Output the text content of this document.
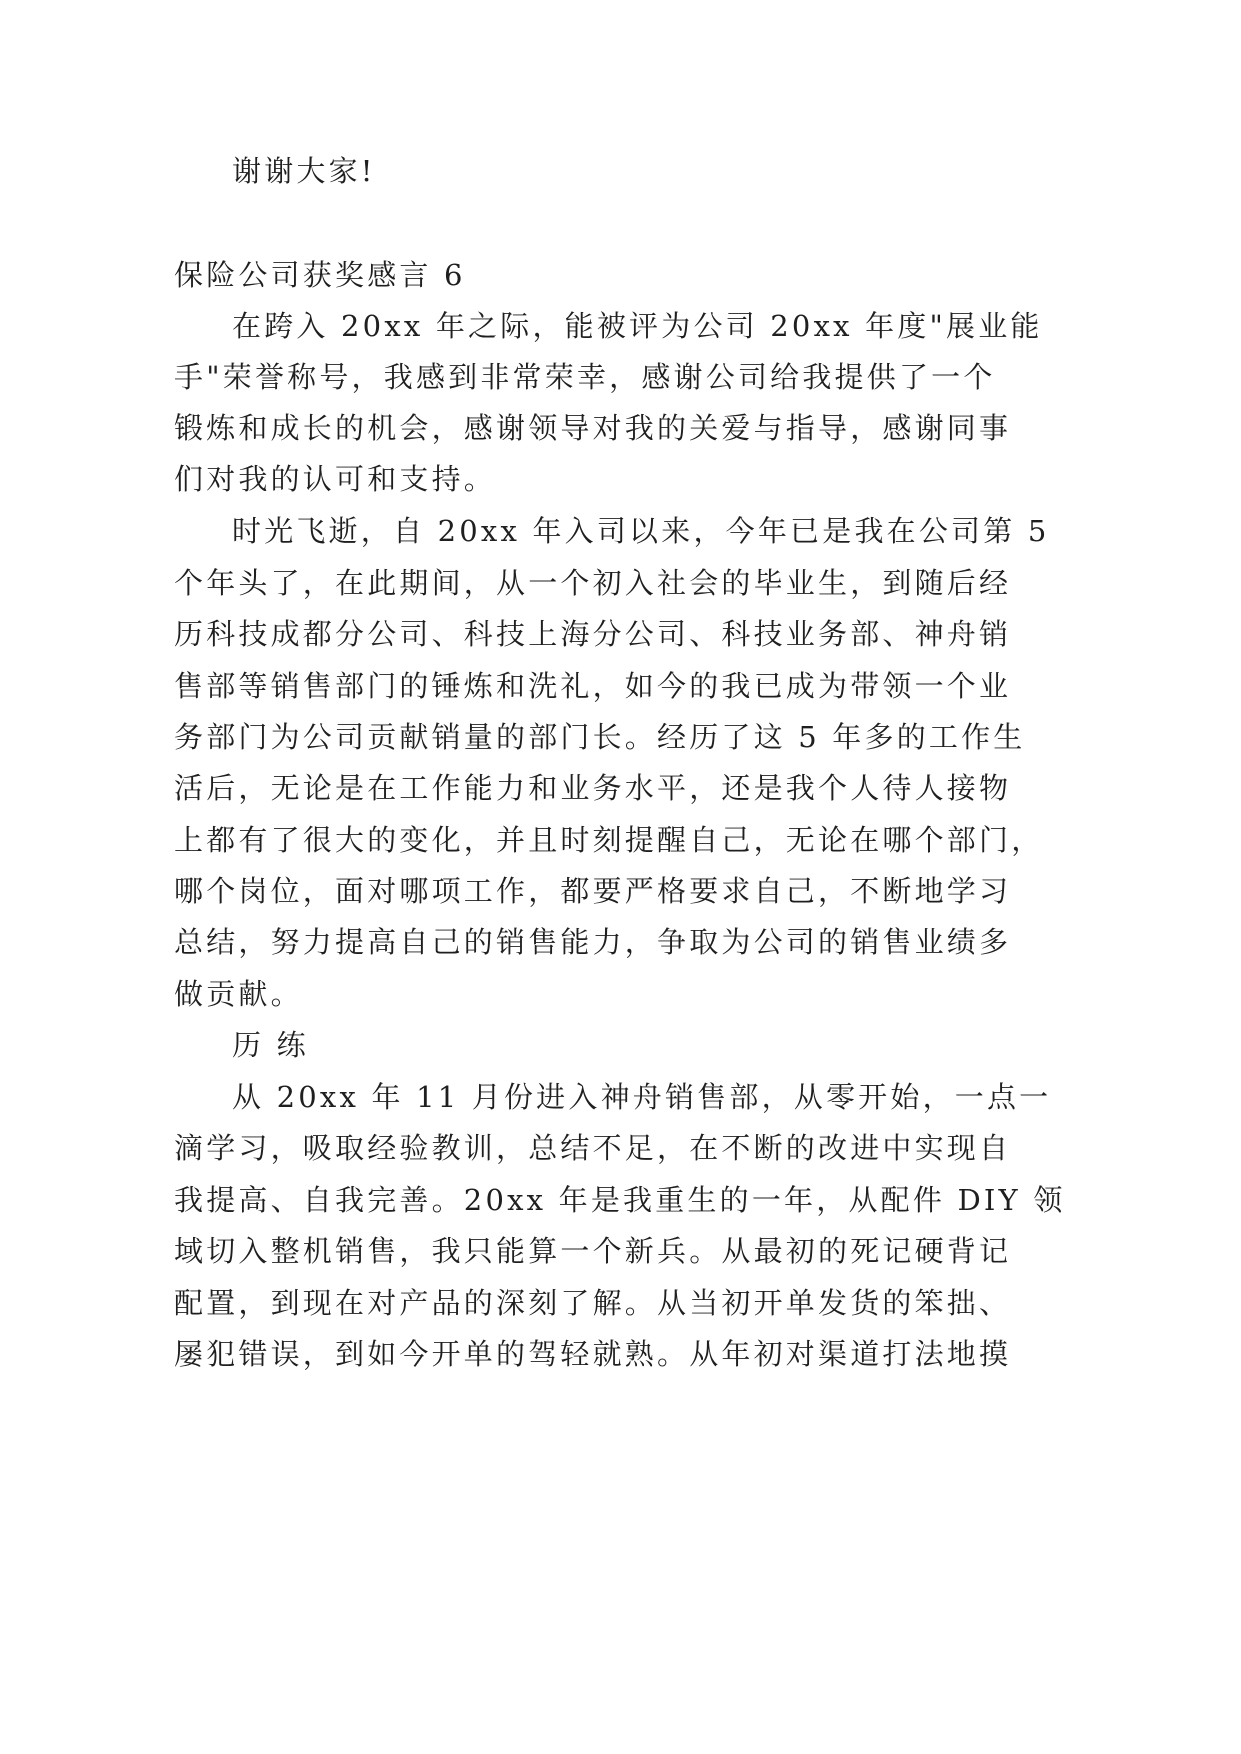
谢谢大家!
保险公司获奖感言 6
在跨入 20xx 年之际，能被评为公司 20xx 年度"展业能
手"荣誉称号，我感到非常荣幸，感谢公司给我提供了一个
锻炼和成长的机会，感谢领导对我的关爱与指导，感谢同事
们对我的认可和支持。
时光飞逝，自 20xx 年入司以来，今年已是我在公司第 5
个年头了，在此期间，从一个初入社会的毕业生，到随后经
历科技成都分公司、科技上海分公司、科技业务部、神舟销
售部等销售部门的锤炼和洗礼，如今的我已成为带领一个业
务部门为公司贡献销量的部门长。经历了这 5 年多的工作生
活后，无论是在工作能力和业务水平，还是我个人待人接物
上都有了很大的变化，并且时刻提醒自己，无论在哪个部门，
哪个岗位，面对哪项工作，都要严格要求自己，不断地学习
总结，努力提高自己的销售能力，争取为公司的销售业绩多
做贡献。
历 练
从 20xx 年 11 月份进入神舟销售部，从零开始，一点一
滴学习，吸取经验教训，总结不足，在不断的改进中实现自
我提高、自我完善。20xx 年是我重生的一年，从配件 DIY 领
域切入整机销售，我只能算一个新兵。从最初的死记硬背记
配置，到现在对产品的深刻了解。从当初开单发货的笨拙、
屡犯错误，到如今开单的驾轻就熟。从年初对渠道打法地摸
